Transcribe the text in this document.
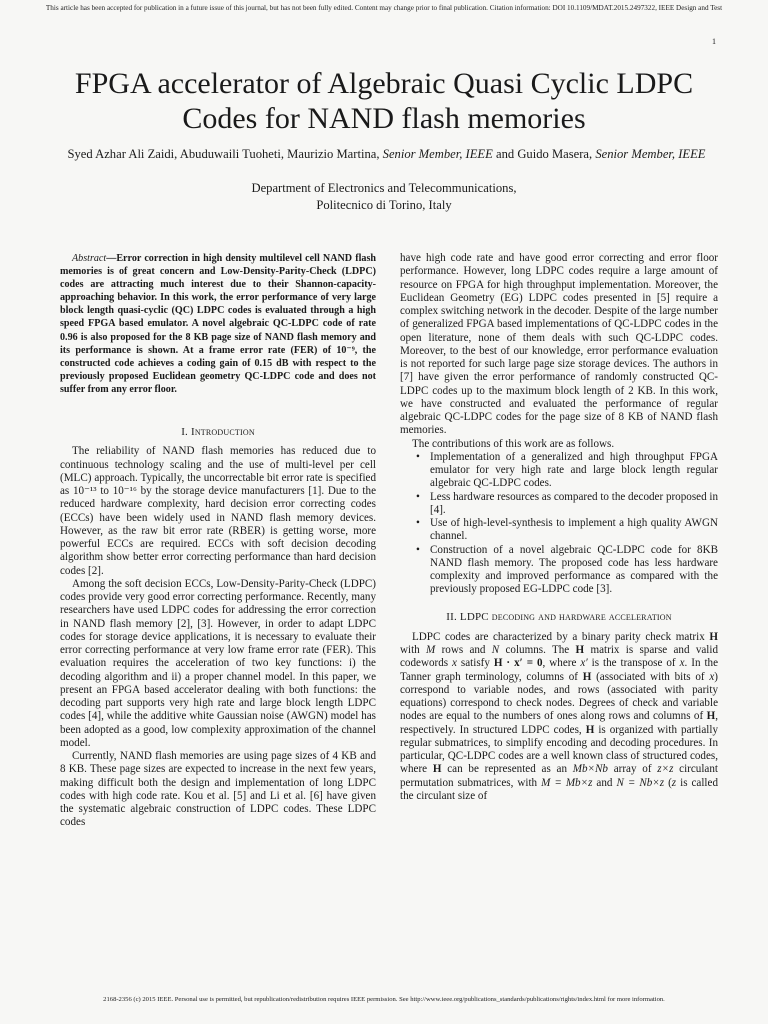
This article has been accepted for publication in a future issue of this journal, but has not been fully edited. Content may change prior to final publication. Citation information: DOI 10.1109/MDAT.2015.2497322, IEEE Design and Test
1
FPGA accelerator of Algebraic Quasi Cyclic LDPC Codes for NAND flash memories
Syed Azhar Ali Zaidi, Abuduwaili Tuoheti, Maurizio Martina, Senior Member, IEEE and Guido Masera, Senior Member, IEEE
Department of Electronics and Telecommunications,
Politecnico di Torino, Italy

Abstract—Error correction in high density multilevel cell NAND flash memories is of great concern and Low-Density-Parity-Check (LDPC) codes are attracting much interest due to their Shannon-capacity-approaching behavior. In this work, the error performance of very large block length quasi-cyclic (QC) LDPC codes is evaluated through a high speed FPGA based emulator. A novel algebraic QC-LDPC code of rate 0.96 is also proposed for the 8 KB page size of NAND flash memory and its performance is shown. At a frame error rate (FER) of 10⁻⁹, the constructed code achieves a coding gain of 0.15 dB with respect to the previously proposed Euclidean geometry QC-LDPC code and does not suffer from any error floor.

I. Introduction

The reliability of NAND flash memories has reduced due to continuous technology scaling and the use of multi-level per cell (MLC) approach. Typically, the uncorrectable bit error rate is specified as 10⁻¹³ to 10⁻¹⁶ by the storage device manufacturers [1]. Due to the reduced hardware complexity, hard decision error correcting codes (ECCs) have been widely used in NAND flash memory devices. However, as the raw bit error rate (RBER) is getting worse, more powerful ECCs are required. ECCs with soft decision decoding algorithm show better error correcting performance than hard decision codes [2].

Among the soft decision ECCs, Low-Density-Parity-Check (LDPC) codes provide very good error correcting performance. Recently, many researchers have used LDPC codes for addressing the error correction in NAND flash memory [2], [3]. However, in order to adapt LDPC codes for storage device applications, it is necessary to evaluate their error correcting performance at very low frame error rate (FER). This evaluation requires the acceleration of two key functions: i) the decoding algorithm and ii) a proper channel model. In this paper, we present an FPGA based accelerator dealing with both functions: the decoding part supports very high rate and large block length LDPC codes [4], while the additive white Gaussian noise (AWGN) model has been adopted as a good, low complexity approximation of the channel model.

Currently, NAND flash memories are using page sizes of 4 KB and 8 KB. These page sizes are expected to increase in the next few years, making difficult both the design and implementation of long LDPC codes with high code rate. Kou et al. [5] and Li et al. [6] have given the systematic algebraic construction of LDPC codes. These LDPC codes

have high code rate and have good error correcting and error floor performance. However, long LDPC codes require a large amount of resource on FPGA for high throughput implementation. Moreover, the Euclidean Geometry (EG) LDPC codes presented in [5] require a complex switching network in the decoder. Despite of the large number of generalized FPGA based implementations of QC-LDPC codes in the open literature, none of them deals with such QC-LDPC codes. Moreover, to the best of our knowledge, error performance evaluation is not reported for such large page size storage devices. The authors in [7] have given the error performance of randomly constructed QC-LDPC codes up to the maximum block length of 2 KB. In this work, we have constructed and evaluated the performance of regular algebraic QC-LDPC codes for the page size of 8 KB of NAND flash memories.

The contributions of this work are as follows.

• Implementation of a generalized and high throughput FPGA emulator for very high rate and large block length regular algebraic QC-LDPC codes.
• Less hardware resources as compared to the decoder proposed in [4].
• Use of high-level-synthesis to implement a high quality AWGN channel.
• Construction of a novel algebraic QC-LDPC code for 8KB NAND flash memory. The proposed code has less hardware complexity and improved performance as compared with the previously proposed EG-LDPC code [3].
II. LDPC decoding and hardware acceleration

LDPC codes are characterized by a binary parity check matrix H with M rows and N columns. The H matrix is sparse and valid codewords x satisfy H · x′ = 0, where x′ is the transpose of x. In the Tanner graph terminology, columns of H (associated with bits of x) correspond to variable nodes, and rows (associated with parity equations) correspond to check nodes. Degrees of check and variable nodes are equal to the numbers of ones along rows and columns of H, respectively. In structured LDPC codes, H is organized with partially regular submatrices, to simplify encoding and decoding procedures. In particular, QC-LDPC codes are a well known class of structured codes, where H can be represented as an Mb×Nb array of z×z circulant permutation submatrices, with M = Mb×z and N = Nb×z (z is called the circulant size of

2168-2356 (c) 2015 IEEE. Personal use is permitted, but republication/redistribution requires IEEE permission. See http://www.ieee.org/publications_standards/publications/rights/index.html for more information.
